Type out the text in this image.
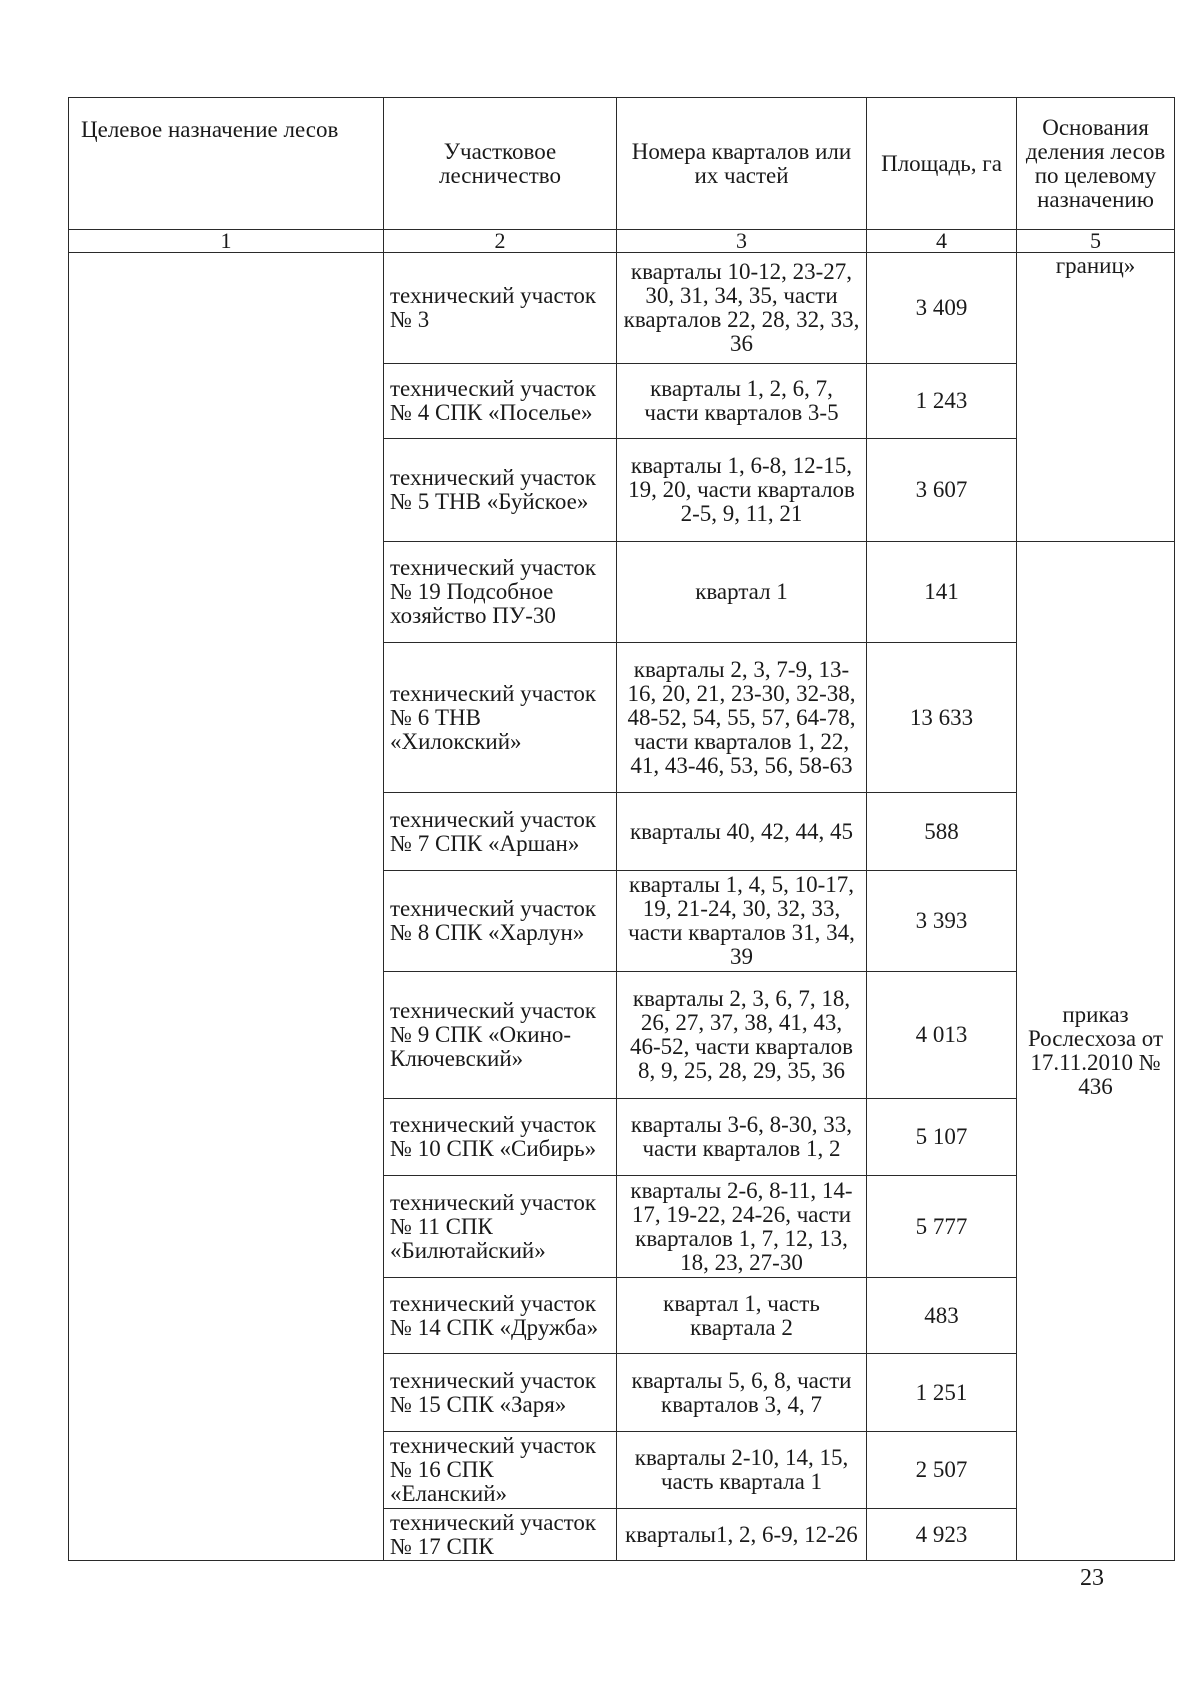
Целевое назначение лесов	Участковое лесничество	Номера кварталов или их частей	Площадь, га	Основания деления лесов по целевому назначению
1	2	3	4	5
	технический участок № 3	кварталы 10-12, 23-27, 30, 31, 34, 35, части кварталов 22, 28, 32, 33, 36	3 409	границ»
	технический участок № 4 СПК «Поселье»	кварталы 1, 2, 6, 7, части кварталов 3-5	1 243	
	технический участок № 5 ТНВ «Буйское»	кварталы 1, 6-8, 12-15, 19, 20, части кварталов 2-5, 9, 11, 21	3 607	
	технический участок № 19 Подсобное хозяйство ПУ-30	квартал 1	141	приказ Рослесхоза от 17.11.2010 № 436
	технический участок № 6 ТНВ «Хилокский»	кварталы 2, 3, 7-9, 13-16, 20, 21, 23-30, 32-38, 48-52, 54, 55, 57, 64-78, части кварталов 1, 22, 41, 43-46, 53, 56, 58-63	13 633	
	технический участок № 7 СПК «Аршан»	кварталы 40, 42, 44, 45	588	
	технический участок № 8 СПК «Харлун»	кварталы 1, 4, 5, 10-17, 19, 21-24, 30, 32, 33, части кварталов 31, 34, 39	3 393	
	технический участок № 9 СПК «Окино-Ключевский»	кварталы 2, 3, 6, 7, 18, 26, 27, 37, 38, 41, 43, 46-52, части кварталов 8, 9, 25, 28, 29, 35, 36	4 013	
	технический участок № 10 СПК «Сибирь»	кварталы 3-6, 8-30, 33, части кварталов 1, 2	5 107	
	технический участок № 11 СПК «Билютайский»	кварталы 2-6, 8-11, 14-17, 19-22, 24-26, части кварталов 1, 7, 12, 13, 18, 23, 27-30	5 777	
	технический участок № 14 СПК «Дружба»	квартал 1, часть квартала 2	483	
	технический участок № 15 СПК «Заря»	кварталы 5, 6, 8, части кварталов 3, 4, 7	1 251	
	технический участок № 16 СПК «Еланский»	кварталы 2-10, 14, 15, часть квартала 1	2 507	
	технический участок № 17 СПК	кварталы1, 2, 6-9, 12-26	4 923	
23
